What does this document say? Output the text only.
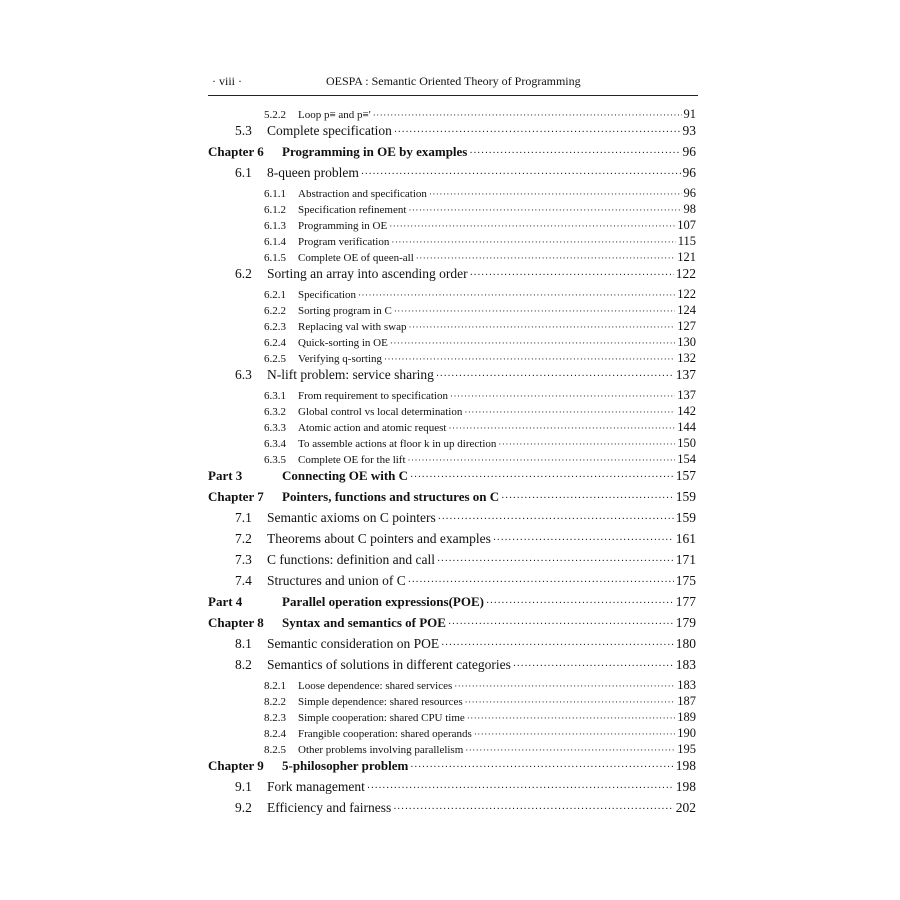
· viii ·	OESPA : Semantic Oriented Theory of Programming
5.2.2	Loop p≡ and p≡' ·····	91
5.3	Complete specification ·····	93
Chapter 6	Programming in OE by examples ·····	96
6.1	8-queen problem ·····	96
6.1.1	Abstraction and specification ·····	96
6.1.2	Specification refinement ·····	98
6.1.3	Programming in OE ·····	107
6.1.4	Program verification ·····	115
6.1.5	Complete OE of queen-all ·····	121
6.2	Sorting an array into ascending order ·····	122
6.2.1	Specification ·····	122
6.2.2	Sorting program in C ·····	124
6.2.3	Replacing val with swap ·····	127
6.2.4	Quick-sorting in OE ·····	130
6.2.5	Verifying q-sorting ·····	132
6.3	N-lift problem: service sharing ·····	137
6.3.1	From requirement to specification ·····	137
6.3.2	Global control vs local determination ·····	142
6.3.3	Atomic action and atomic request ·····	144
6.3.4	To assemble actions at floor k in up direction ·····	150
6.3.5	Complete OE for the lift ·····	154
Part 3	Connecting OE with C ·····	157
Chapter 7	Pointers, functions and structures on C ·····	159
7.1	Semantic axioms on C pointers ·····	159
7.2	Theorems about C pointers and examples ·····	161
7.3	C functions: definition and call ·····	171
7.4	Structures and union of C ·····	175
Part 4	Parallel operation expressions(POE) ·····	177
Chapter 8	Syntax and semantics of POE ·····	179
8.1	Semantic consideration on POE ·····	180
8.2	Semantics of solutions in different categories ·····	183
8.2.1	Loose dependence: shared services ·····	183
8.2.2	Simple dependence: shared resources ·····	187
8.2.3	Simple cooperation: shared CPU time ·····	189
8.2.4	Frangible cooperation: shared operands ·····	190
8.2.5	Other problems involving parallelism ·····	195
Chapter 9	5-philosopher problem ·····	198
9.1	Fork management ·····	198
9.2	Efficiency and fairness ·····	202
